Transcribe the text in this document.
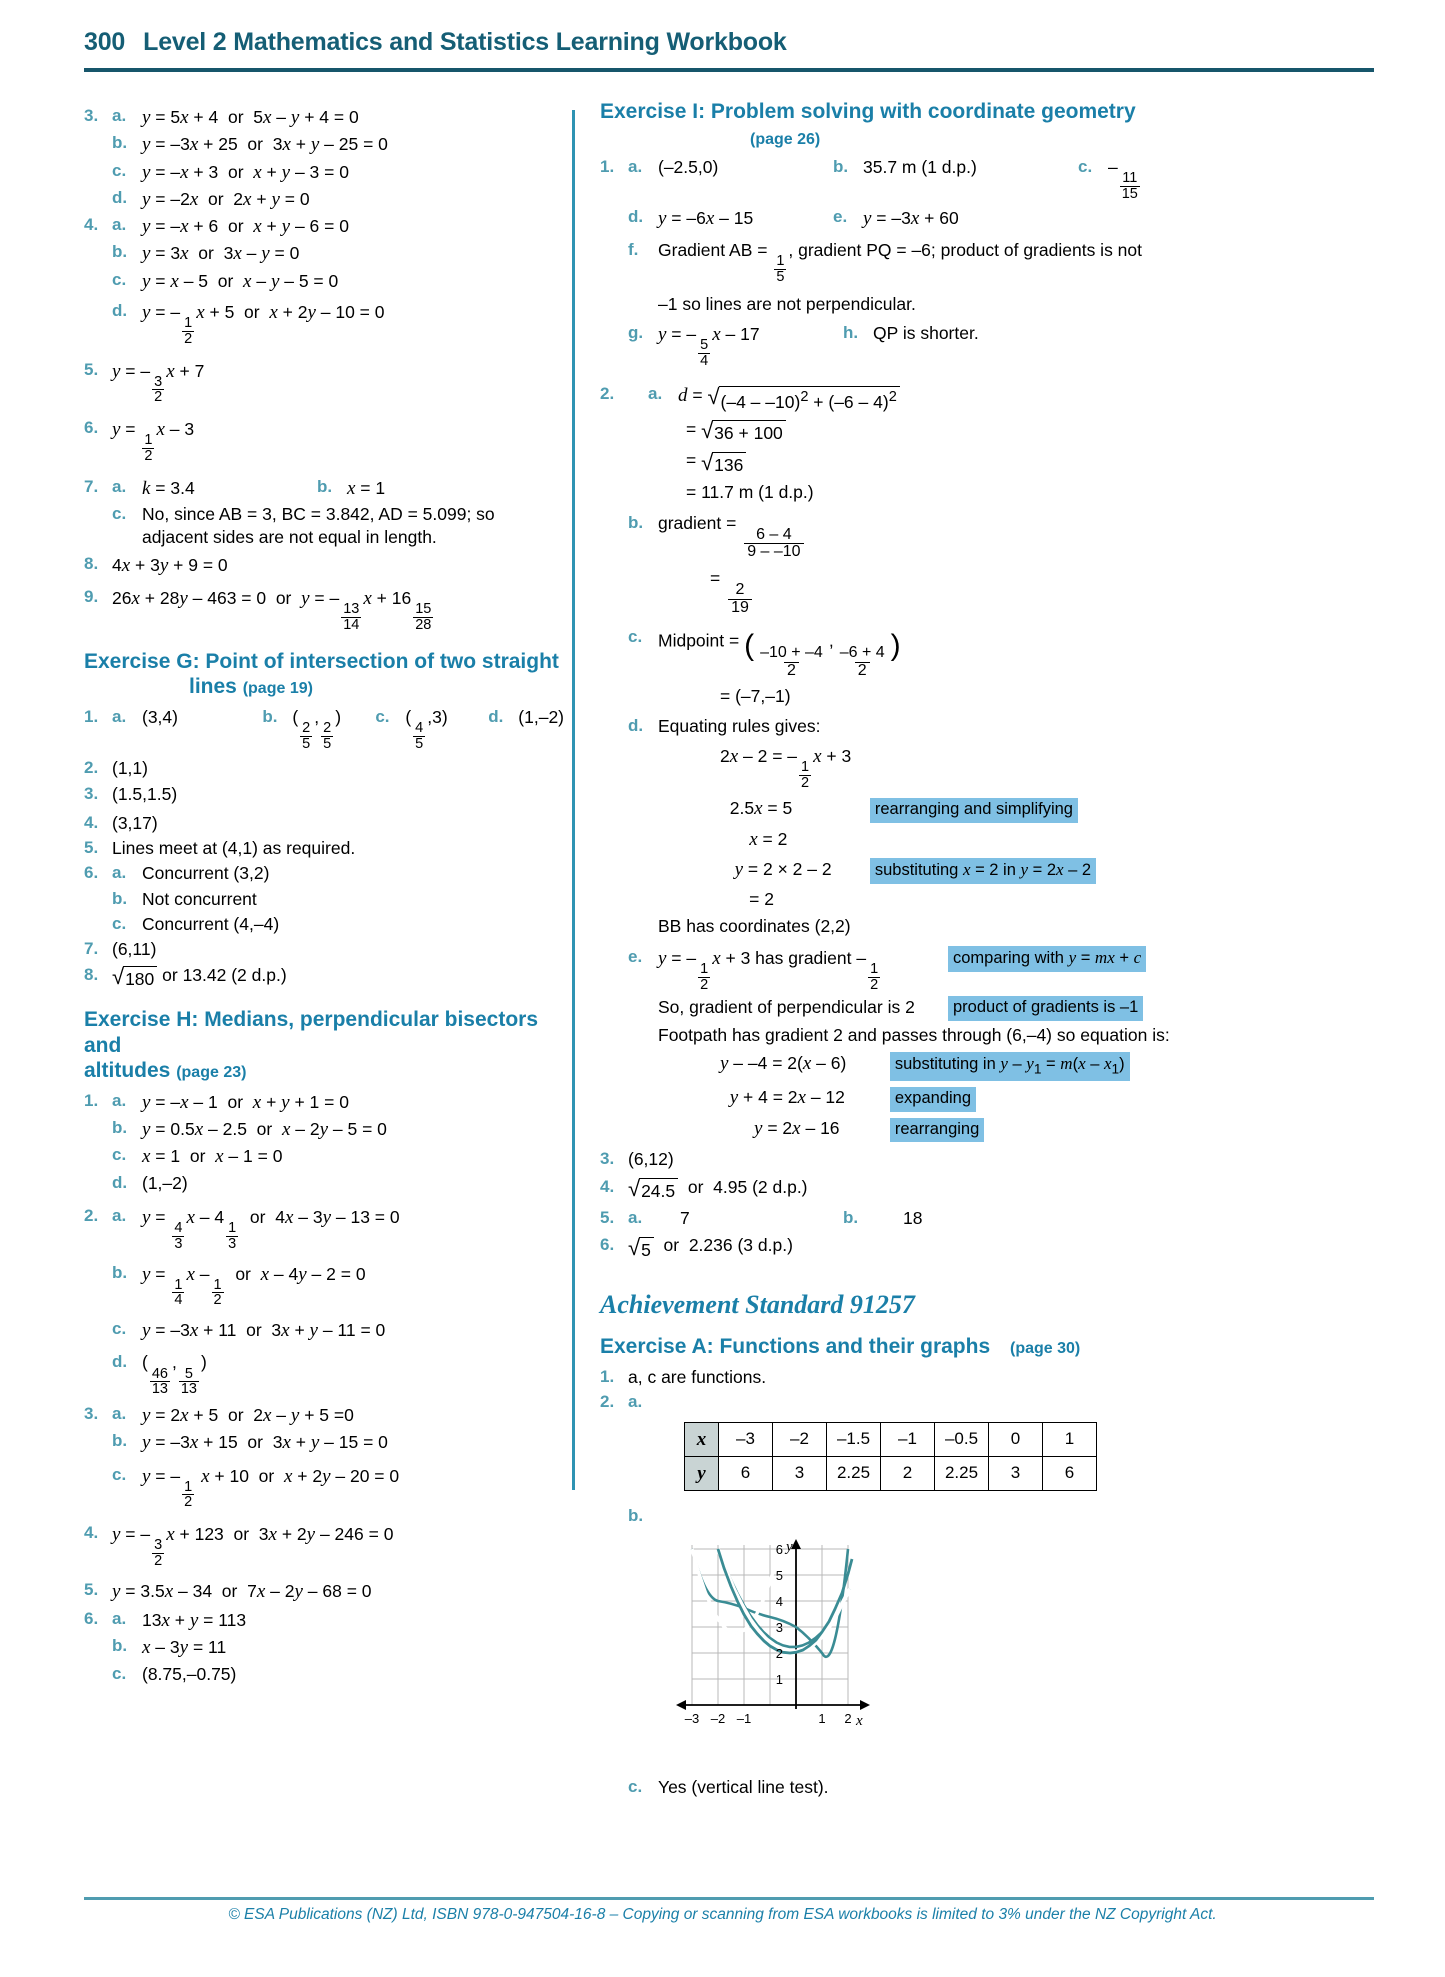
300 Level 2 Mathematics and Statistics Learning Workbook
3. a. y = 5x + 4  or  5x – y + 4 = 0
b. y = –3x + 25  or  3x + y – 25 = 0
c. y = –x + 3  or  x + y – 3 = 0
d. y = –2x  or  2x + y = 0
4. a. y = –x + 6  or  x + y – 6 = 0
b. y = 3x  or  3x – y = 0
c. y = x – 5  or  x – y – 5 = 0
d. y = –
$\frac{1}{2}$
x + 5  or  x + 2y – 10 = 0
5. y = –
$\frac{3}{2}$
x + 7
6. y =
$\frac{1}{2}$
x – 3
7. a. k = 3.4	b. x = 1
c. No, since AB = 3, BC = 3.842, AD = 5.099; so adjacent sides are not equal in length.
8. 4x + 3y + 9 = 0
9. 26x + 28y – 463 = 0  or  y = –
$\frac{13}{14}$
x + 16
$\frac{15}{28}$
Exercise G: Point of intersection of two straight
lines (page 19)
1. a. (3,4)	b. (
$\frac{2}{5}$
,
$\frac{2}{5}$
)	c. (
$\frac{4}{5}$
,3)	d. (1,–2)
2. (1,1)
3. (1.5,1.5)
4. (3,17)
5. Lines meet at (4,1) as required.
6. a. Concurrent (3,2)
b. Not concurrent
c. Concurrent (4,–4)
7. (6,11)
8. √ 180 or 13.42 (2 d.p.)
Exercise H: Medians, perpendicular bisectors and
altitudes (page 23)
1. a. y = –x – 1  or  x + y + 1 = 0
b. y = 0.5x – 2.5  or  x – 2y – 5 = 0
c. x = 1  or  x – 1 = 0
d. (1,–2)
2. a. y =
$\frac{4}{3}$
x – 4
$\frac{1}{3}$
or  4x – 3y – 13 = 0
b. y =
$\frac{1}{4}$
x –
$\frac{1}{2}$
or  x – 4y – 2 = 0
c. y = –3x + 11  or  3x + y – 11 = 0
d. (
$\frac{46}{13}$
,
$\frac{5}{13}$
)
3. a. y = 2x + 5  or  2x – y + 5 =0
b. y = –3x + 15  or  3x + y – 15 = 0
c. y = –
$\frac{1}{2}$
x + 10  or  x + 2y – 20 = 0
4. y = –
$\frac{3}{2}$
x + 123  or  3x + 2y – 246 = 0
5. y = 3.5x – 34  or  7x – 2y – 68 = 0
6. a. 13x + y = 113
b. x – 3y = 11
c. (8.75,–0.75)
Exercise I: Problem solving with coordinate geometry
(page 26)
1. a. (–2.5,0)	b. 35.7 m (1 d.p.)	c. –
$\frac{11}{15}$
d. y = –6x – 15	e. y = –3x + 60
f.	Gradient AB =
$\frac{1}{5}$
, gradient PQ = –6; product of gradients is not
–1 so lines are not perpendicular.
g. y = –
$\frac{5}{4}$
x – 17	h. QP is shorter.
2.	a. d = √ (–4 – –10)$^2$ + (–6 – 4)$^2$
= √ 36 + 100
= √ 136
= 11.7 m (1 d.p.)
b. gradient =
$\frac{6 - 4}{9 - -10}$
=
$\frac{2}{19}$
c. Midpoint = ( $\frac{-10 + -4}{2}$
,
$\frac{-6 + 4}{2}$ )
= (–7,–1)
d. Equating rules gives:
2x – 2 = –
$\frac{1}{2}$
x + 3
2.5x = 5	rearranging and simplifying
x = 2
y = 2 × 2 – 2	substituting x = 2 in y = 2x – 2
= 2
BB has coordinates (2,2)
e. y = –
$\frac{1}{2}$
x + 3 has gradient –
$\frac{1}{2}$
comparing with y = mx + c
So, gradient of perpendicular is 2	product of gradients is –1
Footpath has gradient 2 and passes through (6,–4) so equation is:
y – –4 = 2(x – 6)	substituting in $y - y_1 = m(x - x_1)$
y + 4 = 2x – 12	expanding
y = 2x – 16	rearranging
3. (6,12)
4. √ 24.5 or  4.95 (2 d.p.)
5. a.	7	b.	18
6. √ 5 or  2.236 (3 d.p.)
Achievement Standard 91257
Exercise A: Functions and their graphs (page 30)
1. a, c are functions.
2. a.
x	–3	–2	–1.5	–1	–0.5	0	1
y	6	3	2.25	2	2.25	3	6
b.
y
x
6
5
4
3
2
1
–3 –2 –1	1 2
c. Yes (vertical line test).
© ESA Publications (NZ) Ltd, ISBN 978-0-947504-16-8 – Copying or scanning from ESA workbooks is limited to 3% under the NZ Copyright Act.
